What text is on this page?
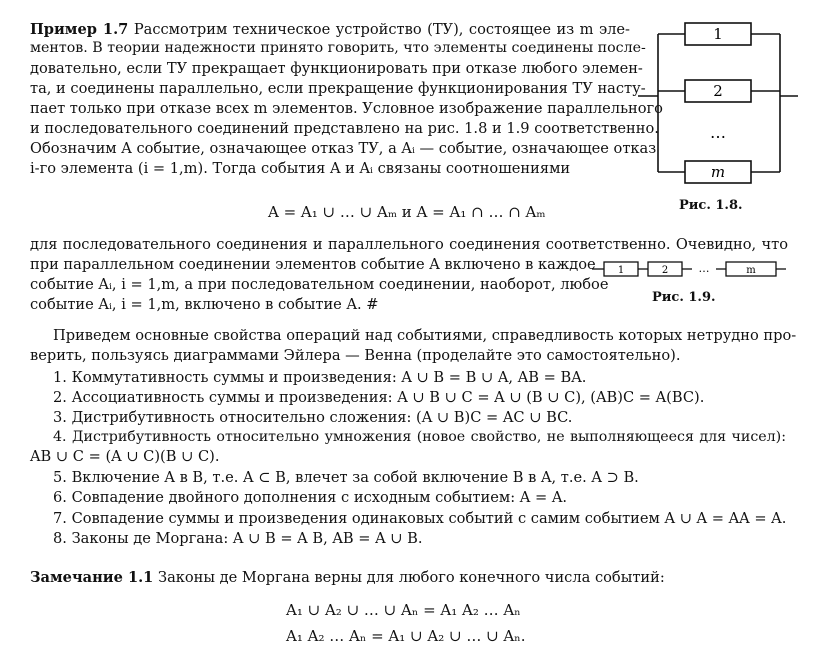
Пример 1.7 Рассмотрим техническое устройство (ТУ), состоящее из m эле-
ментов. В теории надежности принято говорить, что элементы соединены после-
довательно, если ТУ прекращает функционировать при отказе любого элемен-
та, и соединены параллельно, если прекращение функционирования ТУ насту-
пает только при отказе всех m элементов. Условное изображение параллельного
и последовательного соединений представлено на рис. 1.8 и 1.9 соответственно.
Обозначим A событие, означающее отказ ТУ, а Aᵢ — событие, означающее отказ
i-го элемента (i = 1,m). Тогда события A и Aᵢ связаны соотношениями
A = A₁ ∪ … ∪ Aₘ и A = A₁ ∩ … ∩ Aₘ
для последовательного соединения и параллельного соединения соответственно. Очевидно, что
при параллельном соединении элементов событие A включено в каждое
событие Aᵢ, i = 1,m, а при последовательном соединении, наоборот, любое
событие Aᵢ, i = 1,m, включено в событие A. #
1
2
…
m
Рис. 1.8.
1	2	…	m
Рис. 1.9.
Приведем основные свойства операций над событиями, справедливость которых нетрудно про-
верить, пользуясь диаграммами Эйлера — Венна (проделайте это самостоятельно).
1. Коммутативность суммы и произведения: A ∪ B = B ∪ A, AB = BA.
2. Ассоциативность суммы и произведения: A ∪ B ∪ C = A ∪ (B ∪ C), (AB)C = A(BC).
3. Дистрибутивность относительно сложения: (A ∪ B)C = AC ∪ BC.
4. Дистрибутивность относительно умножения (новое свойство, не выполняющееся для чисел):
AB ∪ C = (A ∪ C)(B ∪ C).
5. Включение A в B, т.е. A ⊂ B, влечет за собой включение B в A, т.е. A ⊃ B.
6. Совпадение двойного дополнения с исходным событием: A = A.
7. Совпадение суммы и произведения одинаковых событий с самим событием A ∪ A = AA = A.
8. Законы де Моргана: A ∪ B = A B, AB = A ∪ B.
Замечание 1.1 Законы де Моргана верны для любого конечного числа событий:
A₁ ∪ A₂ ∪ … ∪ Aₙ = A₁ A₂ … Aₙ
A₁ A₂ … Aₙ = A₁ ∪ A₂ ∪ … ∪ Aₙ.
